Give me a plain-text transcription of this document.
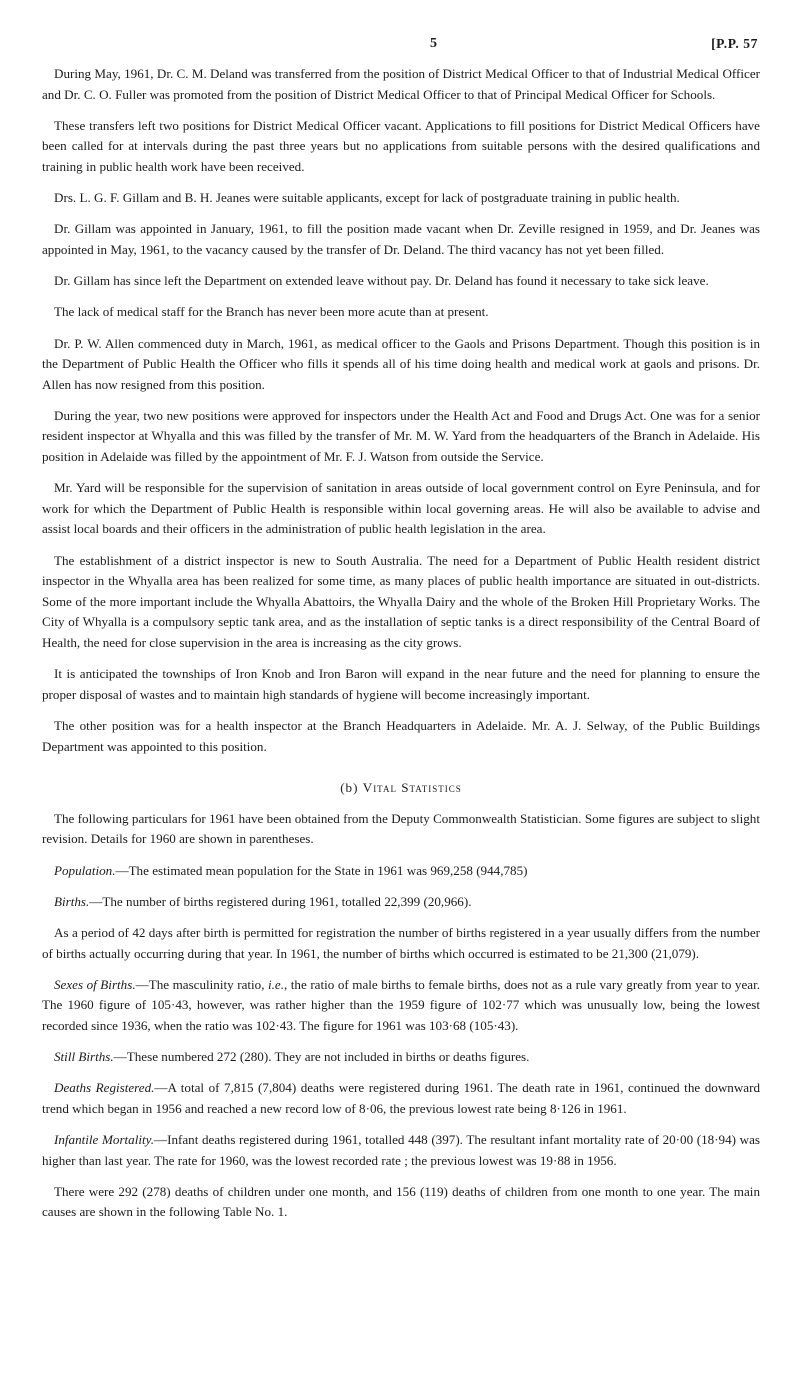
5	[P.P. 57

During May, 1961, Dr. C. M. Deland was transferred from the position of District Medical Officer to that of Industrial Medical Officer and Dr. C. O. Fuller was promoted from the position of District Medical Officer to that of Principal Medical Officer for Schools.

These transfers left two positions for District Medical Officer vacant. Applications to fill positions for District Medical Officers have been called for at intervals during the past three years but no applications from suitable persons with the desired qualifications and training in public health work have been received.

Drs. L. G. F. Gillam and B. H. Jeanes were suitable applicants, except for lack of postgraduate training in public health.

Dr. Gillam was appointed in January, 1961, to fill the position made vacant when Dr. Zeville resigned in 1959, and Dr. Jeanes was appointed in May, 1961, to the vacancy caused by the transfer of Dr. Deland. The third vacancy has not yet been filled.

Dr. Gillam has since left the Department on extended leave without pay. Dr. Deland has found it necessary to take sick leave.

The lack of medical staff for the Branch has never been more acute than at present.

Dr. P. W. Allen commenced duty in March, 1961, as medical officer to the Gaols and Prisons Department. Though this position is in the Department of Public Health the Officer who fills it spends all of his time doing health and medical work at gaols and prisons. Dr. Allen has now resigned from this position.

During the year, two new positions were approved for inspectors under the Health Act and Food and Drugs Act. One was for a senior resident inspector at Whyalla and this was filled by the transfer of Mr. M. W. Yard from the headquarters of the Branch in Adelaide. His position in Adelaide was filled by the appointment of Mr. F. J. Watson from outside the Service.

Mr. Yard will be responsible for the supervision of sanitation in areas outside of local government control on Eyre Peninsula, and for work for which the Department of Public Health is responsible within local governing areas. He will also be available to advise and assist local boards and their officers in the administration of public health legislation in the area.

The establishment of a district inspector is new to South Australia. The need for a Department of Public Health resident district inspector in the Whyalla area has been realized for some time, as many places of public health importance are situated in out-districts. Some of the more important include the Whyalla Abattoirs, the Whyalla Dairy and the whole of the Broken Hill Proprietary Works. The City of Whyalla is a compulsory septic tank area, and as the installation of septic tanks is a direct responsibility of the Central Board of Health, the need for close supervision in the area is increasing as the city grows.

It is anticipated the townships of Iron Knob and Iron Baron will expand in the near future and the need for planning to ensure the proper disposal of wastes and to maintain high standards of hygiene will become increasingly important.

The other position was for a health inspector at the Branch Headquarters in Adelaide. Mr. A. J. Selway, of the Public Buildings Department was appointed to this position.

(b) Vital Statistics

The following particulars for 1961 have been obtained from the Deputy Commonwealth Statistician. Some figures are subject to slight revision. Details for 1960 are shown in parentheses.

Population.—The estimated mean population for the State in 1961 was 969,258 (944,785)

Births.—The number of births registered during 1961, totalled 22,399 (20,966).

As a period of 42 days after birth is permitted for registration the number of births registered in a year usually differs from the number of births actually occurring during that year. In 1961, the number of births which occurred is estimated to be 21,300 (21,079).

Sexes of Births.—The masculinity ratio, i.e., the ratio of male births to female births, does not as a rule vary greatly from year to year. The 1960 figure of 105·43, however, was rather higher than the 1959 figure of 102·77 which was unusually low, being the lowest recorded since 1936, when the ratio was 102·43. The figure for 1961 was 103·68 (105·43).

Still Births.—These numbered 272 (280). They are not included in births or deaths figures.

Deaths Registered.—A total of 7,815 (7,804) deaths were registered during 1961. The death rate in 1961, continued the downward trend which began in 1956 and reached a new record low of 8·06, the previous lowest rate being 8·126 in 1961.

Infantile Mortality.—Infant deaths registered during 1961, totalled 448 (397). The resultant infant mortality rate of 20·00 (18·94) was higher than last year. The rate for 1960, was the lowest recorded rate ; the previous lowest was 19·88 in 1956.

There were 292 (278) deaths of children under one month, and 156 (119) deaths of children from one month to one year. The main causes are shown in the following Table No. 1.
